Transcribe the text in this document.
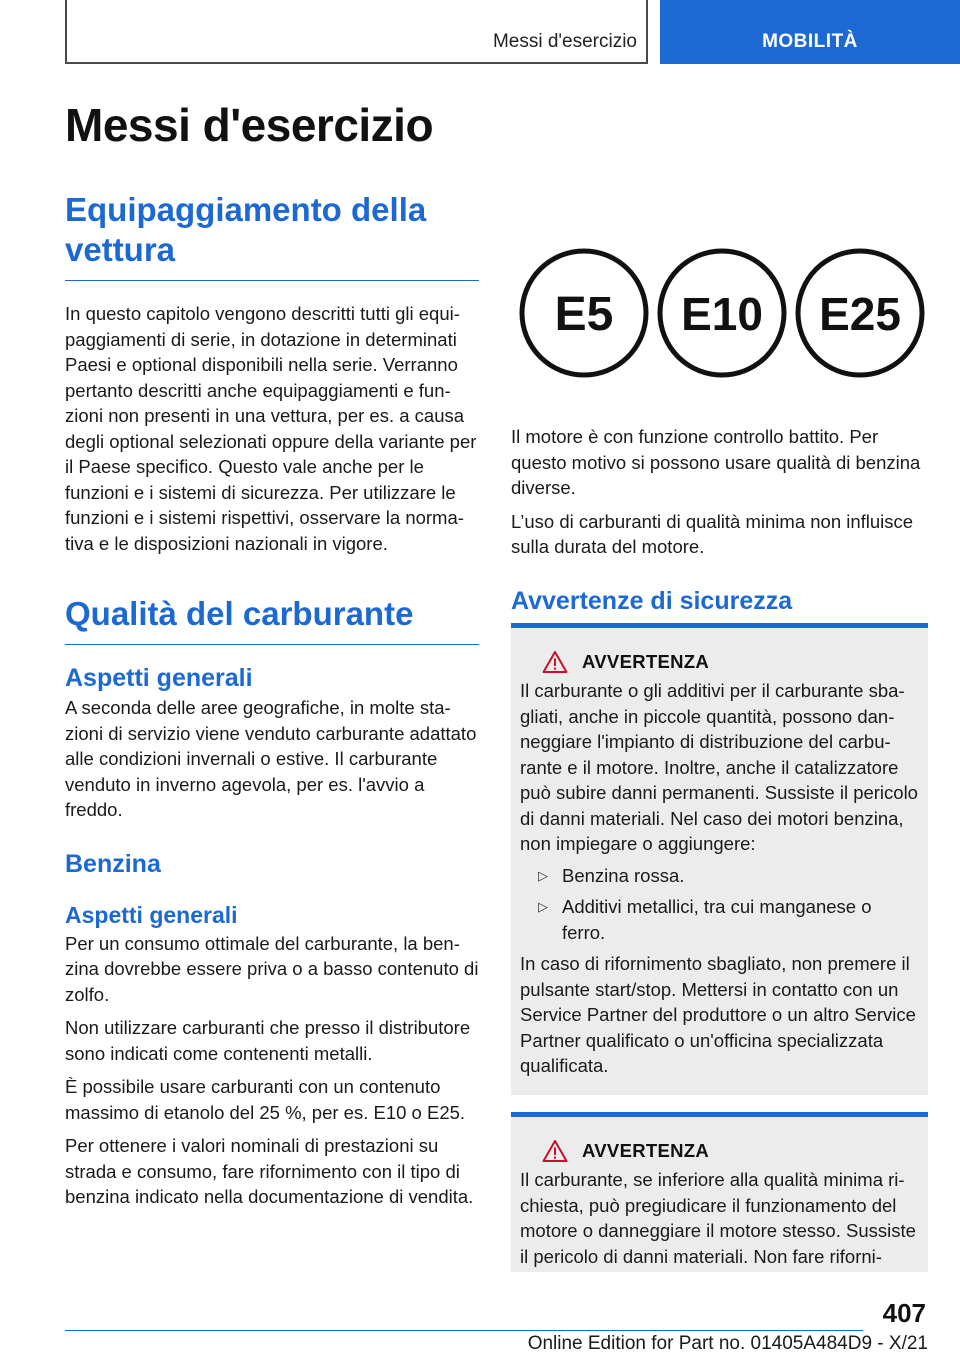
Messi d'esercizio	MOBILITÀ
Messi d'esercizio
Equipaggiamento della vettura

In questo capitolo vengono descritti tutti gli equipaggiamenti di serie, in dotazione in determinati Paesi e optional disponibili nella serie. Verranno pertanto descritti anche equipaggiamenti e funzioni non presenti in una vettura, per es. a causa degli optional selezionati oppure della variante per il Paese specifico. Questo vale anche per le funzioni e i sistemi di sicurezza. Per utilizzare le funzioni e i sistemi rispettivi, osservare la normativa e le disposizioni nazionali in vigore.

Qualità del carburante
Aspetti generali

A seconda delle aree geografiche, in molte stazioni di servizio viene venduto carburante adattato alle condizioni invernali o estive. Il carburante venduto in inverno agevola, per es. l'avvio a freddo.

Benzina
Aspetti generali

Per un consumo ottimale del carburante, la benzina dovrebbe essere priva o a basso contenuto di zolfo.

Non utilizzare carburanti che presso il distributore sono indicati come contenenti metalli.

È possibile usare carburanti con un contenuto massimo di etanolo del 25 %, per es. E10 o E25.

Per ottenere i valori nominali di prestazioni su strada e consumo, fare rifornimento con il tipo di benzina indicato nella documentazione di vendita.

E5 E10 E25

Il motore è con funzione controllo battito. Per questo motivo si possono usare qualità di benzina diverse.

L’uso di carburanti di qualità minima non influisce sulla durata del motore.

Avvertenze di sicurezza
AVVERTENZA

Il carburante o gli additivi per il carburante sbagliati, anche in piccole quantità, possono danneggiare l'impianto di distribuzione del carburante e il motore. Inoltre, anche il catalizzatore può subire danni permanenti. Sussiste il pericolo di danni materiali. Nel caso dei motori benzina, non impiegare o aggiungere:

▷ Benzina rossa.
▷ Additivi metallici, tra cui manganese o ferro.

In caso di rifornimento sbagliato, non premere il pulsante start/stop. Mettersi in contatto con un Service Partner del produttore o un altro Service Partner qualificato o un'officina specializzata qualificata.

AVVERTENZA

Il carburante, se inferiore alla qualità minima richiesta, può pregiudicare il funzionamento del motore o danneggiare il motore stesso. Sussiste il pericolo di danni materiali. Non fare riforni-

407
Online Edition for Part no. 01405A484D9 - X/21
